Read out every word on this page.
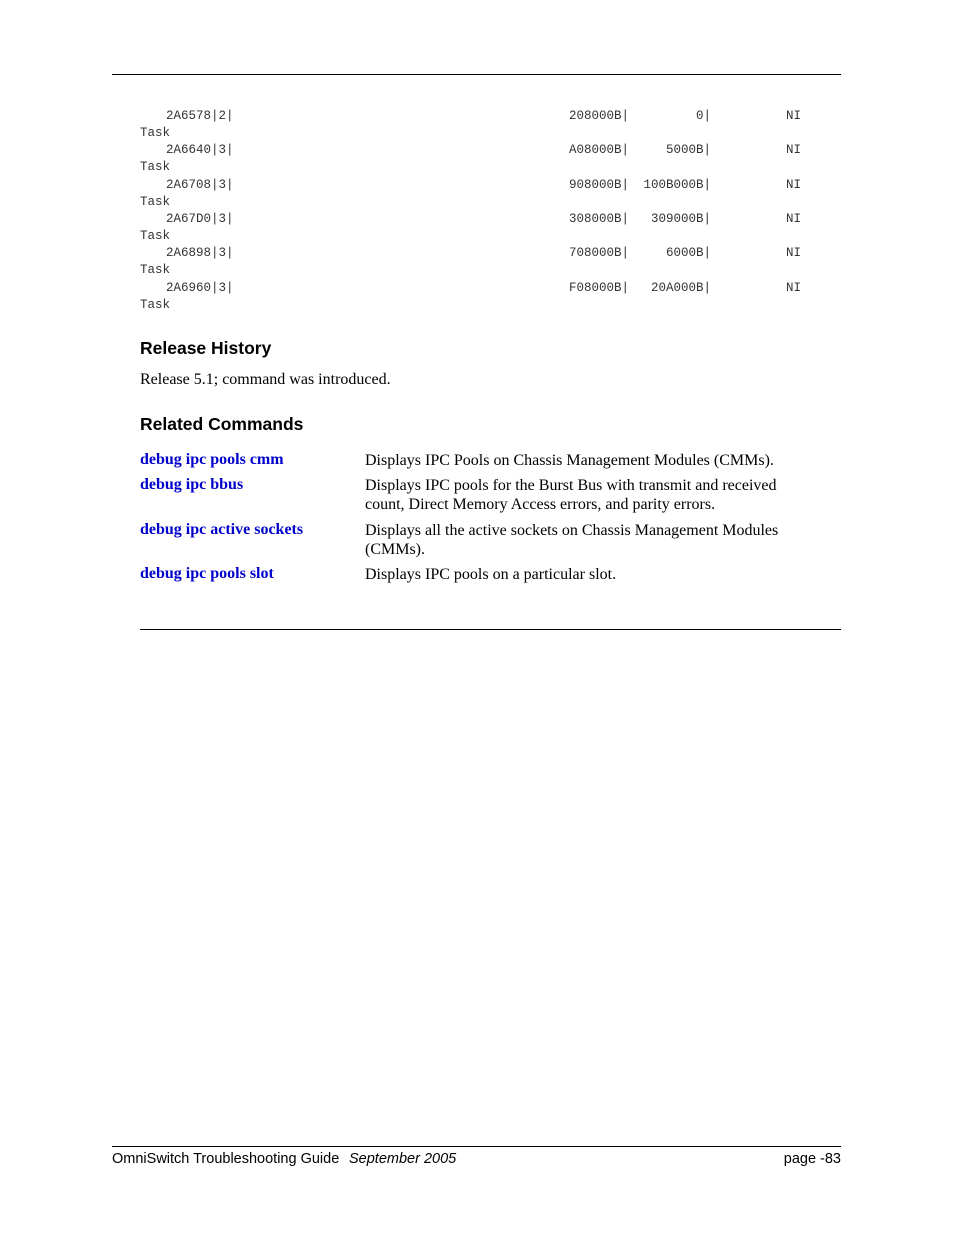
2A6578|2|	208000B|	0|	NI
Task
2A6640|3|	A08000B|	5000B|	NI
Task
2A6708|3|	908000B|	100B000B|	NI
Task
2A67D0|3|	308000B|	309000B|	NI
Task
2A6898|3|	708000B|	6000B|	NI
Task
2A6960|3|	F08000B|	20A000B|	NI
Task
Release History
Release 5.1; command was introduced.
Related Commands
debug ipc pools cmm	Displays IPC Pools on Chassis Management Modules (CMMs).
debug ipc bbus	Displays IPC pools for the Burst Bus with transmit and received count, Direct Memory Access errors, and parity errors.
debug ipc active sockets	Displays all the active sockets on Chassis Management Modules (CMMs).
debug ipc pools slot	Displays IPC pools on a particular slot.
OmniSwitch Troubleshooting Guide September 2005	page -83
